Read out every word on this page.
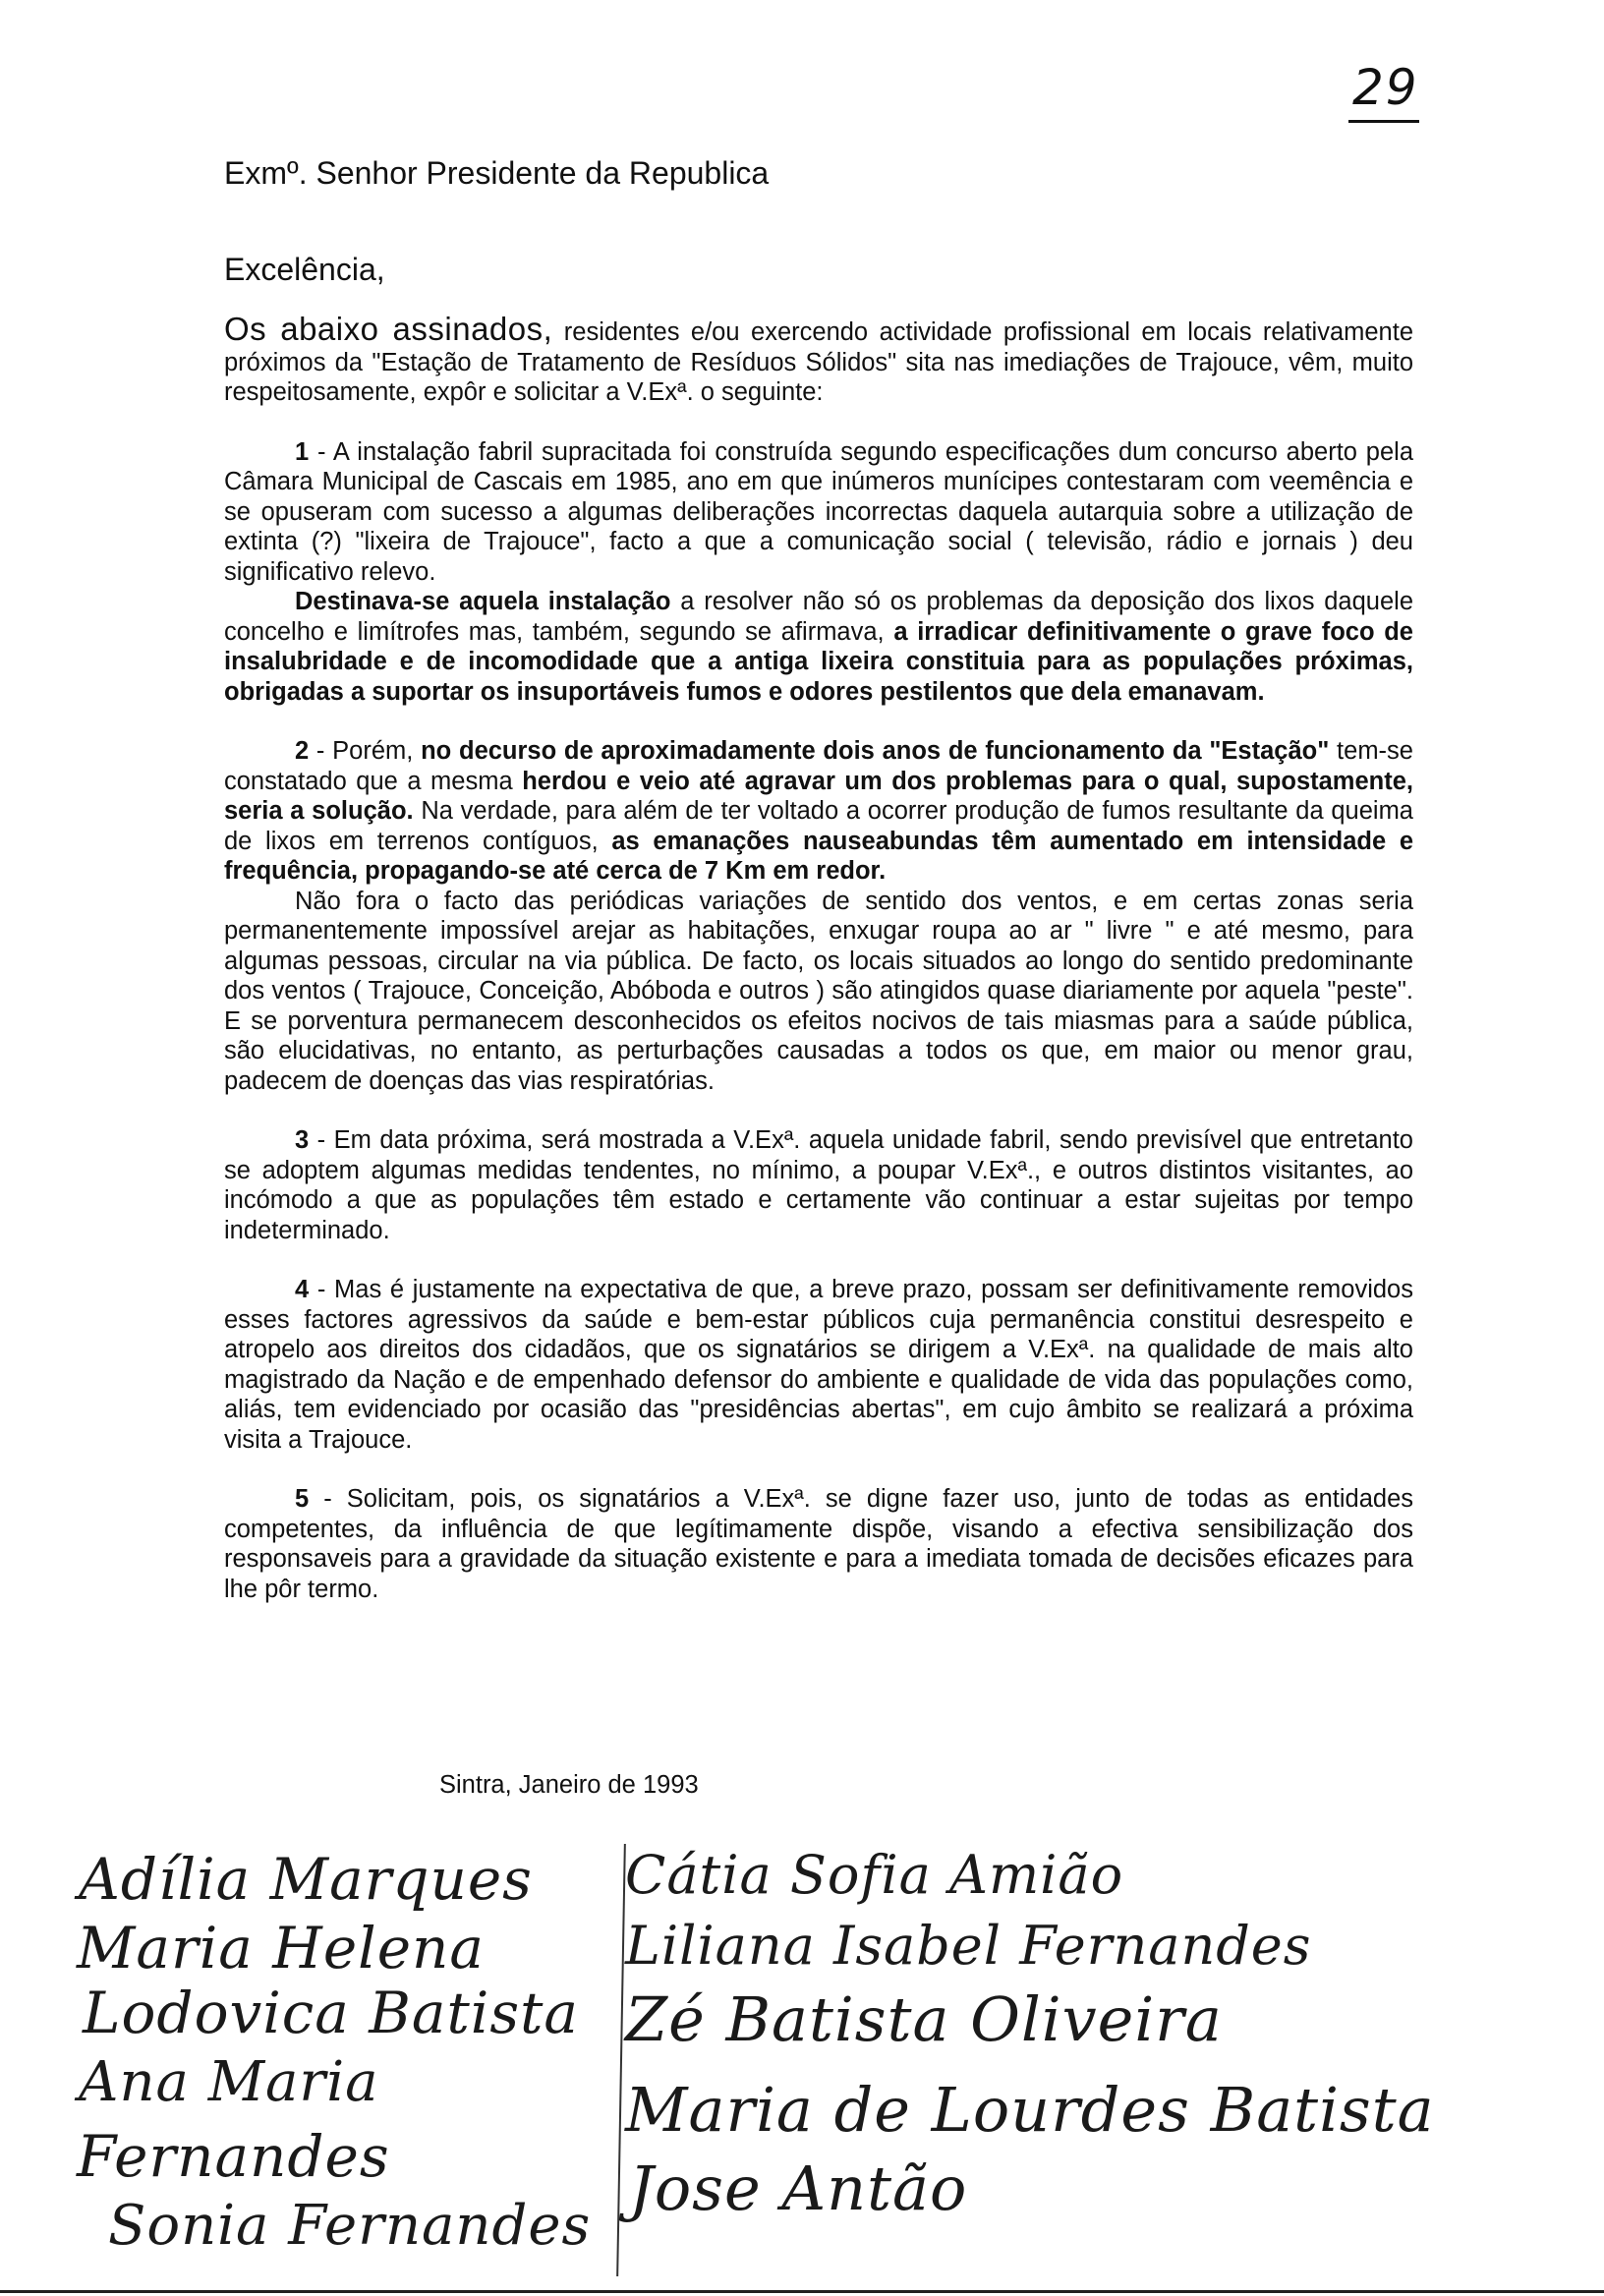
29
Exmº. Senhor Presidente da Republica
Excelência,

Os abaixo assinados, residentes e/ou exercendo actividade profissional em locais relativamente próximos da "Estação de Tratamento de Resíduos Sólidos" sita nas imediações de Trajouce, vêm, muito respeitosamente, expôr e solicitar a V.Exª. o seguinte:

1 - A instalação fabril supracitada foi construída segundo especificações dum concurso aberto pela Câmara Municipal de Cascais em 1985, ano em que inúmeros munícipes contestaram com veemência e se opuseram com sucesso a algumas deliberações incorrectas daquela autarquia sobre a utilização de extinta (?) "lixeira de Trajouce", facto a que a comunicação social ( televisão, rádio e jornais ) deu significativo relevo.

Destinava-se aquela instalação a resolver não só os problemas da deposição dos lixos daquele concelho e limítrofes mas, também, segundo se afirmava, a irradicar definitivamente o grave foco de insalubridade e de incomodidade que a antiga lixeira constituia para as populações próximas, obrigadas a suportar os insuportáveis fumos e odores pestilentos que dela emanavam.

2 - Porém, no decurso de aproximadamente dois anos de funcionamento da "Estação" tem-se constatado que a mesma herdou e veio até agravar um dos problemas para o qual, supostamente, seria a solução. Na verdade, para além de ter voltado a ocorrer produção de fumos resultante da queima de lixos em terrenos contíguos, as emanações nauseabundas têm aumentado em intensidade e frequência, propagando-se até cerca de 7 Km em redor.

Não fora o facto das periódicas variações de sentido dos ventos, e em certas zonas seria permanentemente impossível arejar as habitações, enxugar roupa ao ar " livre " e até mesmo, para algumas pessoas, circular na via pública. De facto, os locais situados ao longo do sentido predominante dos ventos ( Trajouce, Conceição, Abóboda e outros ) são atingidos quase diariamente por aquela "peste". E se porventura permanecem desconhecidos os efeitos nocivos de tais miasmas para a saúde pública, são elucidativas, no entanto, as perturbações causadas a todos os que, em maior ou menor grau, padecem de doenças das vias respiratórias.

3 - Em data próxima, será mostrada a V.Exª. aquela unidade fabril, sendo previsível que entretanto se adoptem algumas medidas tendentes, no mínimo, a poupar V.Exª., e outros distintos visitantes, ao incómodo a que as populações têm estado e certamente vão continuar a estar sujeitas por tempo indeterminado.

4 - Mas é justamente na expectativa de que, a breve prazo, possam ser definitivamente removidos esses factores agressivos da saúde e bem-estar públicos cuja permanência constitui desrespeito e atropelo aos direitos dos cidadãos, que os signatários se dirigem a V.Exª. na qualidade de mais alto magistrado da Nação e de empenhado defensor do ambiente e qualidade de vida das populações como, aliás, tem evidenciado por ocasião das "presidências abertas", em cujo âmbito se realizará a próxima visita a Trajouce.

5 - Solicitam, pois, os signatários a V.Exª. se digne fazer uso, junto de todas as entidades competentes, da influência de que legítimamente dispõe, visando a efectiva sensibilização dos responsaveis para a gravidade da situação existente e para a imediata tomada de decisões eficazes para lhe pôr termo.

Sintra, Janeiro de 1993
Adília Marques
Maria Helena
Lodovica Batista
Ana Maria
Fernandes
Sonia Fernandes
Cátia Sofia Amião
Liliana Isabel Fernandes
Zé Batista Oliveira
Maria de Lourdes Batista
Jose Antão
